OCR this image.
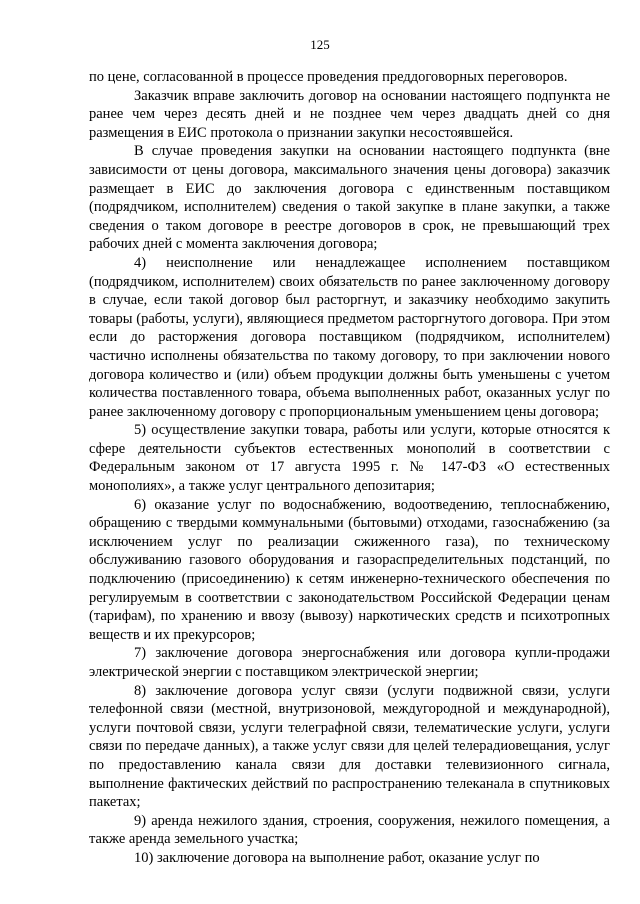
125

по цене, согласованной в процессе проведения преддоговорных переговоров.

Заказчик вправе заключить договор на основании настоящего подпункта не ранее чем через десять дней и не позднее чем через двадцать дней со дня размещения в ЕИС протокола о признании закупки несостоявшейся.

В случае проведения закупки на основании настоящего подпункта (вне зависимости от цены договора, максимального значения цены договора) заказчик размещает в ЕИС до заключения договора с единственным поставщиком (подрядчиком, исполнителем) сведения о такой закупке в плане закупки, а также сведения о таком договоре в реестре договоров в срок, не превышающий трех рабочих дней с момента заключения договора;

4) неисполнение или ненадлежащее исполнением поставщиком (подрядчиком, исполнителем) своих обязательств по ранее заключенному договору в случае, если такой договор был расторгнут, и заказчику необходимо закупить товары (работы, услуги), являющиеся предметом расторгнутого договора. При этом если до расторжения договора поставщиком (подрядчиком, исполнителем) частично исполнены обязательства по такому договору, то при заключении нового договора количество и (или) объем продукции должны быть уменьшены с учетом количества поставленного товара, объема выполненных работ, оказанных услуг по ранее заключенному договору с пропорциональным уменьшением цены договора;

5) осуществление закупки товара, работы или услуги, которые относятся к сфере деятельности субъектов естественных монополий в соответствии с Федеральным законом от 17 августа 1995 г. № 147-ФЗ «О естественных монополиях», а также услуг центрального депозитария;

6) оказание услуг по водоснабжению, водоотведению, теплоснабжению, обращению с твердыми коммунальными (бытовыми) отходами, газоснабжению (за исключением услуг по реализации сжиженного газа), по техническому обслуживанию газового оборудования и газораспределительных подстанций, по подключению (присоединению) к сетям инженерно-технического обеспечения по регулируемым в соответствии с законодательством Российской Федерации ценам (тарифам), по хранению и ввозу (вывозу) наркотических средств и психотропных веществ и их прекурсоров;

7) заключение договора энергоснабжения или договора купли-продажи электрической энергии с поставщиком электрической энергии;

8) заключение договора услуг связи (услуги подвижной связи, услуги телефонной связи (местной, внутризоновой, междугородной и международной), услуги почтовой связи, услуги телеграфной связи, телематические услуги, услуги связи по передаче данных), а также услуг связи для целей телерадиовещания, услуг по предоставлению канала связи для доставки телевизионного сигнала, выполнение фактических действий по распространению телеканала в спутниковых пакетах;

9) аренда нежилого здания, строения, сооружения, нежилого помещения, а также аренда земельного участка;

10) заключение договора на выполнение работ, оказание услуг по
